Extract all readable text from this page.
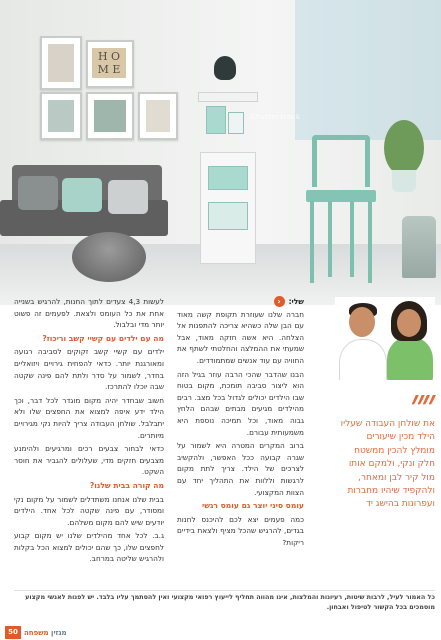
H O M E
Shutterstock
שלי:
‹

חברה שלנו שעוזרת תקופת קשה מאוד עם הבן שלה כשהיא צריכה להתפנות אל הצלחה. היא אשה חזקה מאוד, אבל שמעתי את ההמלצה והחלטתי לשתף את החוויה עם עוד אנשים שמתמודדים.

הבנו שהדבר שהכי הרבה עוזר בגיל הזה הוא ליצור סביבה תומכת, מקום בטוח שבו הילדים יכולים לגדול בכל מצב. רבים מהילדים מגיעים מבתים שבהם הלחץ גבוה מאוד, וכל תמיכה נוספת היא משמעותית עבורם.

ברוב המקרים המטרה היא לשמור על שגרה קבועה ככל האפשר, ולהקשיב לצרכים של הילד. צריך לתת מקום לרגשות וללוות את התהליך יחד עם הצוות המקצועי.

עומס סיני יוצר גם עומס רגשי

כמה פעמים יצא לכם להיכנס לחנות בגדים, להרגיש שהכל מציף ולצאת בידיים ריקות?

לעשות 4,3 צעדים לתוך החנות, להרגיש בשנייה אחת את כל העומס ולצאת. לפעמים זה פשוט יותר מדי ובלבול.

מה עם ילדים עם קשיי קשב וריכוז?

ילדים עם קשיי קשב זקוקים לסביבה רגועה ומאורגנת יותר. כדאי להפחית גירויים ויזואליים בחדר, לשמור על סדר ולתת להם פינה שקטה שבה יוכלו להתרכז.

חשוב שבחדר יהיה מקום מוגדר לכל דבר, וכך הילד ידע איפה למצוא את החפצים שלו ולא יתבלבל. שולחן העבודה צריך להיות נקי מגירויים מיותרים.

כדאי לבחור צבעים רכים ומרגיעים ולהימנע מצבעים חזקים מדי, שעלולים להגביר את חוסר השקט.

מה קורה בבית שלנו?

בבית שלנו אנחנו משתדלים לשמור על מקום נקי ומסודר, עם פינה שקטה לכל אחד. הילדים יודעים שיש להם מקום משלהם.

ג.ב. לכל אחד מהילדים שלנו יש מקום קבוע לחפצים שלו, כך שהם יכולים למצוא הכל בקלות ולהרגיש שליטה במרחב.

״״
את שולחן העבודה שעליו הילד מכין שיעורים מומלץ להכין ממשטח חלק ונקי, ולמקם אותו מול קיר לבן ומאחר, ולהקפיד שיהיו מחברות ועפרונות בהישג יד
כל האמור לעיל, לרבות שיטות, רעיונות והמלצות, אינו מהווה תחליף לייעוץ רפואי מקצועי ואין להסתמך עליו בלבד. יש לפנות לאנשי מקצוע מוסמכים בכל הקשור לטיפול ואבחון.
50	מגזין משפחה
